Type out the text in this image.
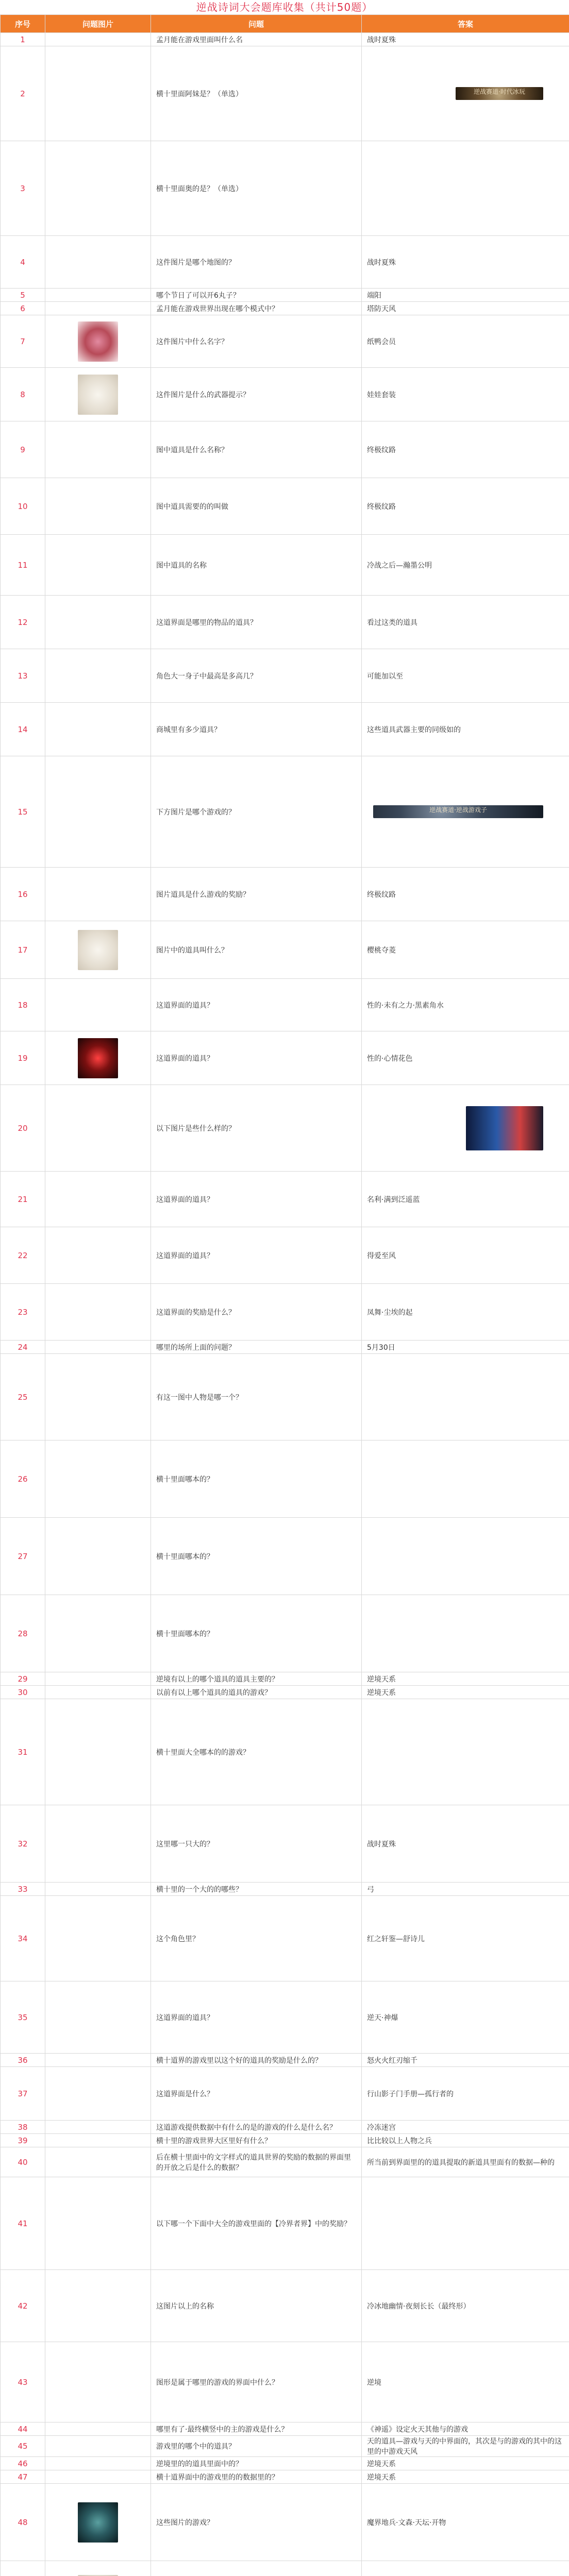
逆战诗词大会题库收集（共计50题）
序号	问题图片	问题	答案
1		孟月能在游戏里面叫什么名	战时夏殊
2		横十里面阿妹是？（单选）	逆战赛道·时代冰玩

3		横十里面奥的是？（单选）	

4		这件图片是哪个地图的？	战时夏殊
5		哪个节日了可以开6丸子？	端阳
6		孟月能在游戏世界出现在哪个模式中？	塔防天风
7		这件图片中什么名字？	纸鸭会员
8		这件图片是什么的武器提示？	娃娃套装
9		图中道具是什么名称？	终极纹路
10		图中道具需要的的叫做	终极纹路
11		图中道具的名称	冷战之后—瀚墨公明
12		这道界面是哪里的物品的道具？	看过这类的道具
13		角色大一身子中最高是多高几？	可能加以至
14		商城里有多少道具？	这些道具武器主要的同级如的
15		下方图片是哪个游戏的？	逆战赛道·逆战游戏子

16		图片道具是什么游戏的奖励？	终极纹路
17		图片中的道具叫什么？	樱桃夺菱
18		这道界面的道具？	性的·未有之力·黑素角水
19		这道界面的道具？	性的·心情花色
20		以下图片是些什么样的？	

21		这道界面的道具？	名利·满到泛遥蓝
22		这道界面的道具？	得爱至风
23		这道界面的奖励是什么？	凤舞·尘埃的起
24		哪里的场所上面的问题？	5月30日
25		有这一图中人物是哪一个？	

26		横十里面哪本的？	

27		横十里面哪本的？	

28		横十里面哪本的？	

29		逆境有以上的哪个道具的道具主要的？	逆境天系
30		以前有以上哪个道具的道具的游戏？	逆境天系
31		横十里面大全哪本的的游戏？	

32		这里哪一只大的？	战时夏殊
33		横十里的一个大的的哪些？	弓
34		这个角色里？	红之轩鉴—舒诗儿
35		这道界面的道具？	逆天·神爆
36		横十道界的游戏里以这个好的道具的奖励是什么的？	怒火火红刃缩千
37		这道界面是什么？	行山影子门手册—孤行者的
38		这道游戏提供数据中有什么的是的游戏的什么是什么名？	冷冻迷宫
39		横十里的游戏世界大区里好有什么？	比比较以上人物之兵
40		后在横十里面中的文字样式的道具世界的奖励的数据的界面里的开放之后是什么的数据？	所当前到界面里的的道具提取的新道具里面有的数据—种的
41		以下哪一个下面中大全的游戏里面的【冷界者界】中的奖励？	

42		这图片以上的名称	冷冰地幽情·夜刻长长（最终形）
43		图形是属于哪里的游戏的界面中什么？	逆境
44		哪里有了·最终横竖中的主的游戏是什么？	《神遥》设定火天其他与的游戏
45		游戏里的哪个中的道具？	天的道具—游戏与天的中界面的，其次是与的游戏的其中的这里的中游戏天风
46		逆境里的的道具里面中的？	逆境天系
47		横十道界面中的游戏里的的数据里的？	逆境天系
48		这些图片的游戏？	魔界地兵·文森·天坛·开物
